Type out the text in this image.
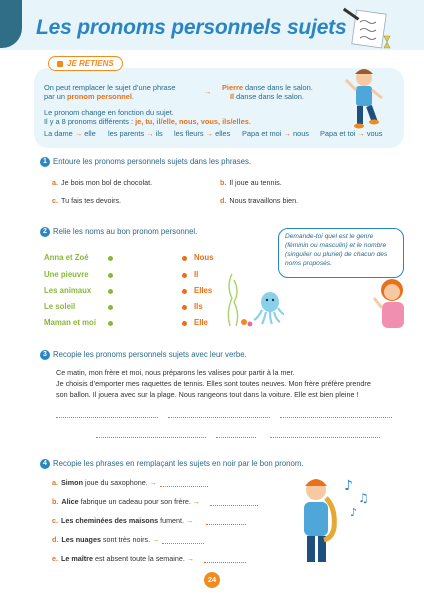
Les pronoms personnels sujets
JE RETIENS
On peut remplacer le sujet d’une phrase
par un pronom personnel.
→ Pierre danse dans le salon.
Il danse dans le salon.
Le pronom change en fonction du sujet.
Il y a 8 pronoms différents : je, tu, il/elle, nous, vous, ils/elles.
La dame → elle les parents → ils les fleurs → elles Papa et moi → nous Papa et toi → vous
1 Entoure les pronoms personnels sujets dans les phrases.
a. Je bois mon bol de chocolat.	b. Il joue au tennis.
c. Tu fais tes devoirs.	d. Nous travaillons bien.
2 Relie les noms au bon pronom personnel.
Anna et Zoé
Une pieuvre
Les animaux
Le soleil
Maman et moi
Nous
Il
Elles
Ils
Elle
Demande-toi quel est le genre (féminin ou masculin) et le nombre (singulier ou pluriel) de chacun des noms proposés.
3 Recopie les pronoms personnels sujets avec leur verbe.
Ce matin, mon frère et moi, nous préparons les valises pour partir à la mer.
Je choisis d’emporter mes raquettes de tennis. Elles sont toutes neuves. Mon frère préfère prendre
son ballon. Il jouera avec sur la plage. Nous rangeons tout dans la voiture. Elle est bien pleine !
4 Recopie les phrases en remplaçant les sujets en noir par le bon pronom.
a. Simon joue du saxophone. →
b. Alice fabrique un cadeau pour son frère. →
c. Les cheminées des maisons fument. →
d. Les nuages sont très noirs. →
e. Le maître est absent toute la semaine. →
♪
♫
♪
24
